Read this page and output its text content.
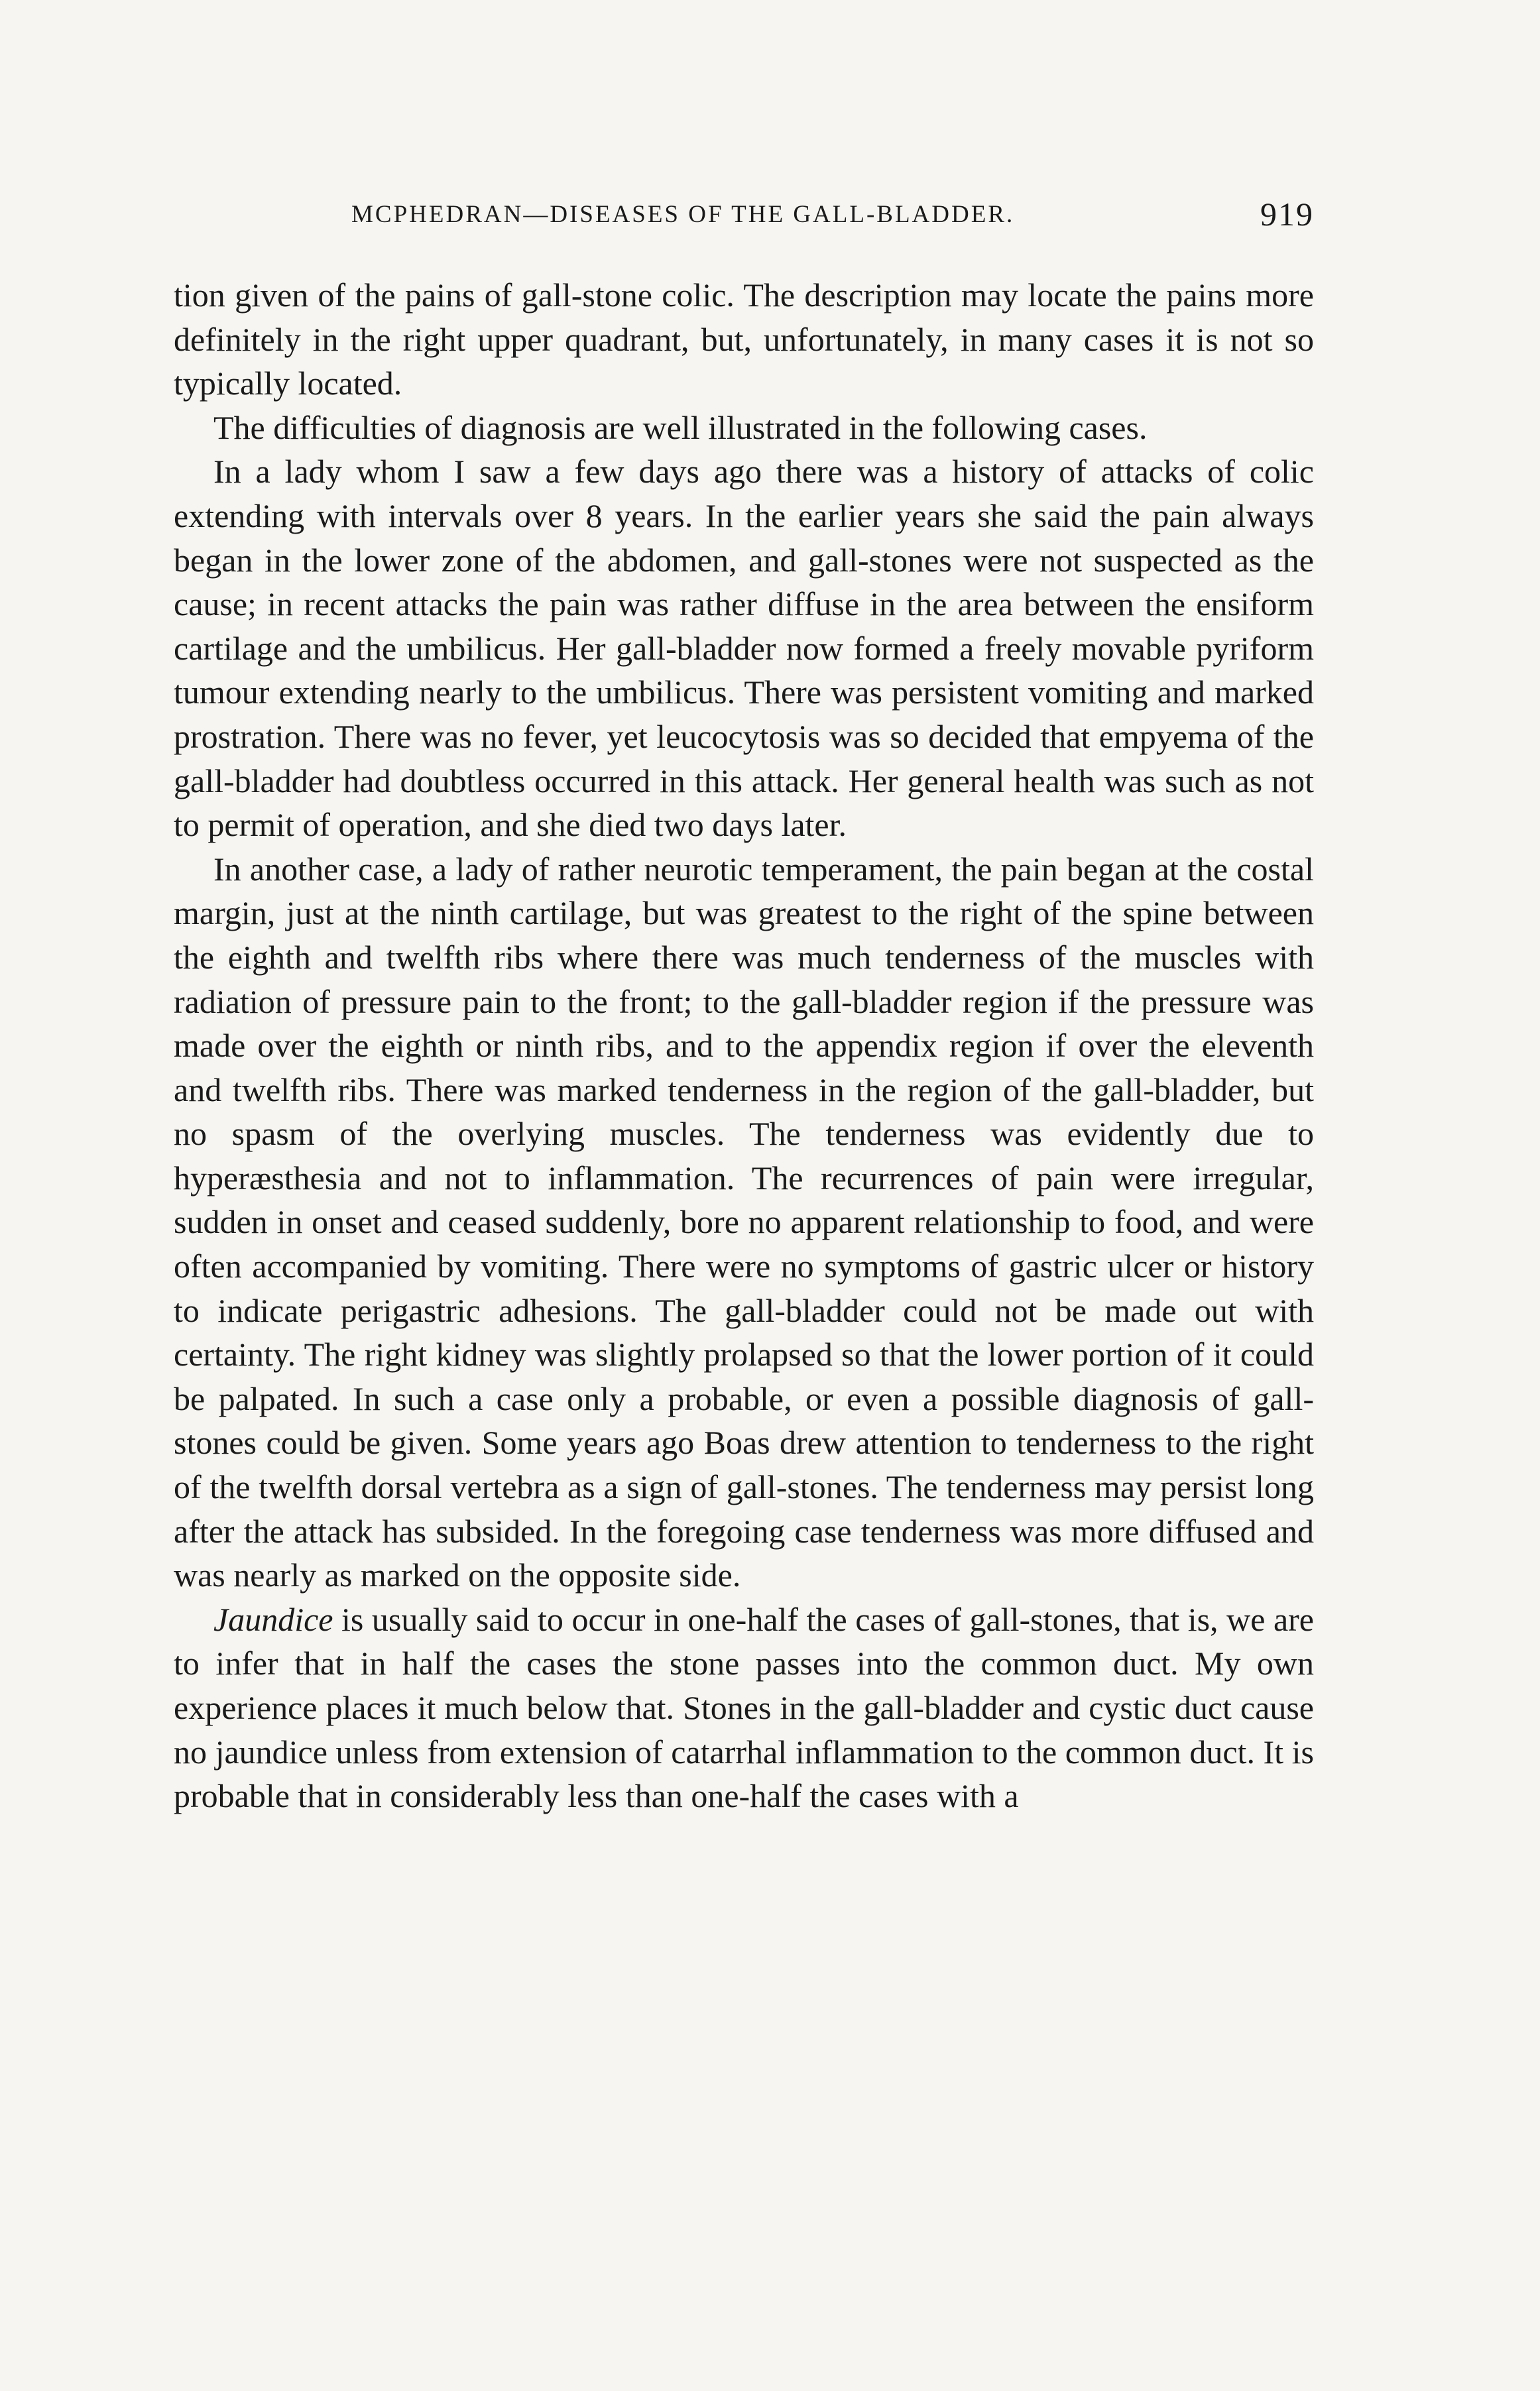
MCPHEDRAN—DISEASES OF THE GALL-BLADDER.	919

tion given of the pains of gall-stone colic. The description may locate the pains more definitely in the right upper quadrant, but, unfortunately, in many cases it is not so typically located.

The difficulties of diagnosis are well illustrated in the following cases.

In a lady whom I saw a few days ago there was a history of attacks of colic extending with intervals over 8 years. In the earlier years she said the pain always began in the lower zone of the abdomen, and gall-stones were not suspected as the cause; in recent attacks the pain was rather diffuse in the area between the ensiform cartilage and the umbilicus. Her gall-bladder now formed a freely movable pyriform tumour extending nearly to the umbilicus. There was persistent vomiting and marked prostration. There was no fever, yet leucocytosis was so decided that empyema of the gall-bladder had doubtless occurred in this attack. Her general health was such as not to permit of operation, and she died two days later.

In another case, a lady of rather neurotic temperament, the pain began at the costal margin, just at the ninth cartilage, but was greatest to the right of the spine between the eighth and twelfth ribs where there was much tenderness of the muscles with radiation of pressure pain to the front; to the gall-bladder region if the pressure was made over the eighth or ninth ribs, and to the appendix region if over the eleventh and twelfth ribs. There was marked tenderness in the region of the gall-bladder, but no spasm of the overlying muscles. The tenderness was evidently due to hyperæsthesia and not to inflammation. The recurrences of pain were irregular, sudden in onset and ceased suddenly, bore no apparent relationship to food, and were often accompanied by vomiting. There were no symptoms of gastric ulcer or history to indicate perigastric adhesions. The gall-bladder could not be made out with certainty. The right kidney was slightly prolapsed so that the lower portion of it could be palpated. In such a case only a probable, or even a possible diagnosis of gall-stones could be given. Some years ago Boas drew attention to tenderness to the right of the twelfth dorsal vertebra as a sign of gall-stones. The tenderness may persist long after the attack has subsided. In the foregoing case tenderness was more diffused and was nearly as marked on the opposite side.

Jaundice is usually said to occur in one-half the cases of gall-stones, that is, we are to infer that in half the cases the stone passes into the common duct. My own experience places it much below that. Stones in the gall-bladder and cystic duct cause no jaundice unless from extension of catarrhal inflammation to the common duct. It is probable that in considerably less than one-half the cases with a
